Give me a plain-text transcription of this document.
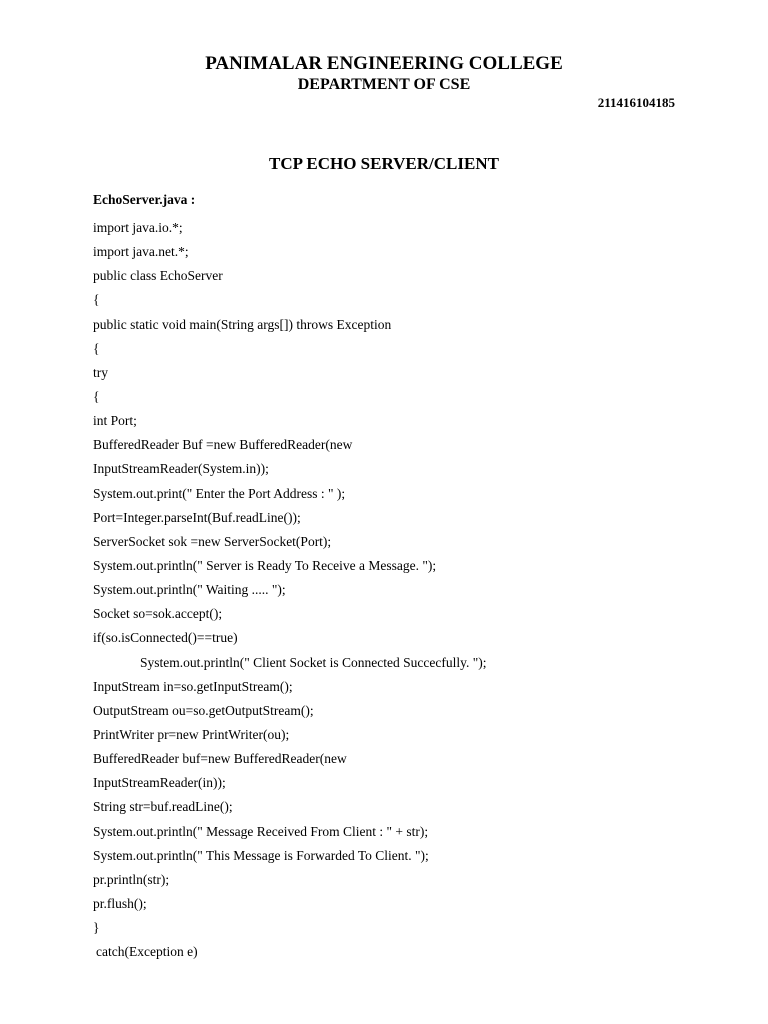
PANIMALAR ENGINEERING COLLEGE
DEPARTMENT OF CSE
211416104185
TCP ECHO SERVER/CLIENT
EchoServer.java :
import java.io.*;
import java.net.*;
public class EchoServer
{
public static void main(String args[]) throws Exception
{
try
{
int Port;
BufferedReader Buf =new BufferedReader(new
InputStreamReader(System.in));
System.out.print(" Enter the Port Address : " );
Port=Integer.parseInt(Buf.readLine());
ServerSocket sok =new ServerSocket(Port);
System.out.println(" Server is Ready To Receive a Message. ");
System.out.println(" Waiting ..... ");
Socket so=sok.accept();
if(so.isConnected()==true)
System.out.println(" Client Socket is Connected Succecfully. ");
InputStream in=so.getInputStream();
OutputStream ou=so.getOutputStream();
PrintWriter pr=new PrintWriter(ou);
BufferedReader buf=new BufferedReader(new
InputStreamReader(in));
String str=buf.readLine();
System.out.println(" Message Received From Client : " + str);
System.out.println(" This Message is Forwarded To Client. ");
pr.println(str);
pr.flush();
}
catch(Exception e)
